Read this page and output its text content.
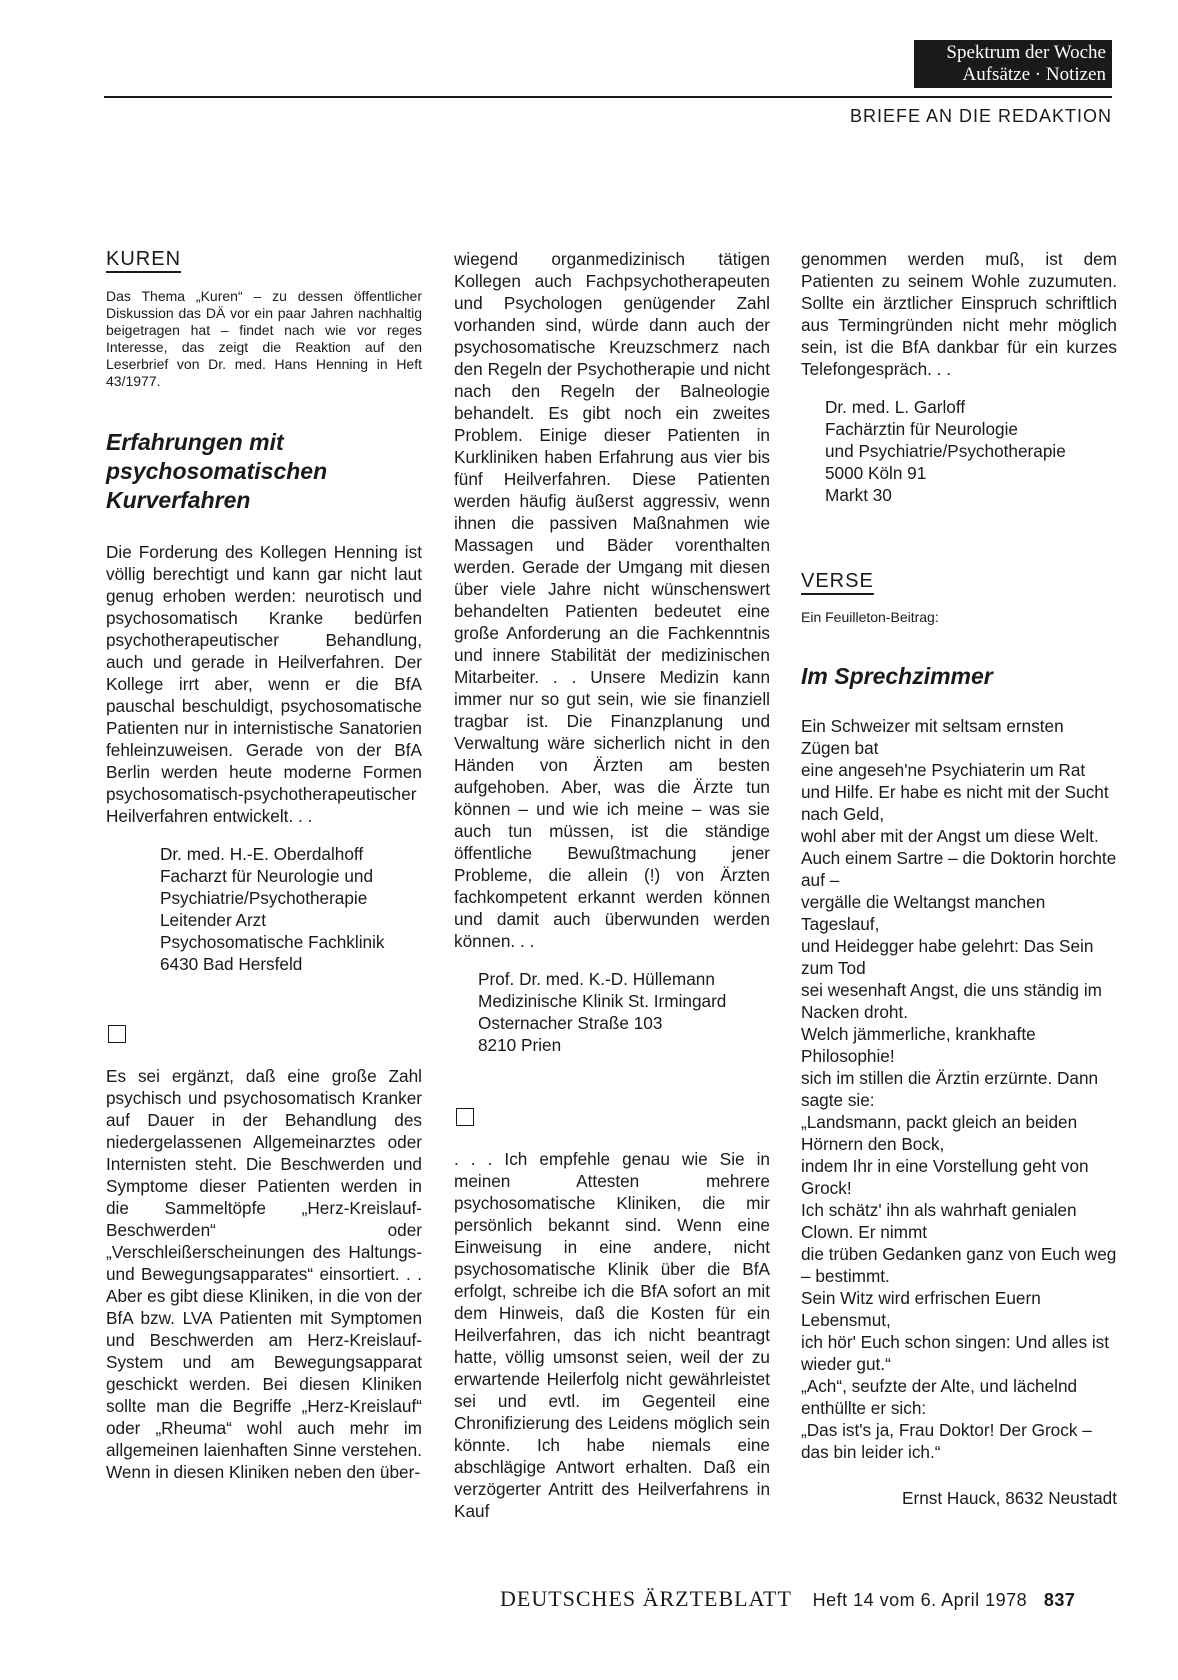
Spektrum der Woche
Aufsätze · Notizen
BRIEFE AN DIE REDAKTION
KUREN

Das Thema „Kuren“ – zu dessen öffentlicher Diskussion das DÄ vor ein paar Jahren nachhaltig beigetragen hat – findet nach wie vor reges Interesse, das zeigt die Reaktion auf den Leserbrief von Dr. med. Hans Henning in Heft 43/1977.

Erfahrungen mit psychosomatischen Kurverfahren

Die Forderung des Kollegen Henning ist völlig berechtigt und kann gar nicht laut genug erhoben werden: neurotisch und psychosomatisch Kranke bedürfen psychotherapeutischer Behandlung, auch und gerade in Heilverfahren. Der Kollege irrt aber, wenn er die BfA pauschal beschuldigt, psychosomatische Patienten nur in internistische Sanatorien fehleinzuweisen. Gerade von der BfA Berlin werden heute moderne Formen psychosomatisch-psychotherapeutischer Heilverfahren entwickelt. . .

Dr. med. H.-E. Oberdalhoff
Facharzt für Neurologie und
Psychiatrie/Psychotherapie
Leitender Arzt
Psychosomatische Fachklinik
6430 Bad Hersfeld

Es sei ergänzt, daß eine große Zahl psychisch und psychosomatisch Kranker auf Dauer in der Behandlung des niedergelassenen Allgemeinarztes oder Internisten steht. Die Beschwerden und Symptome dieser Patienten werden in die Sammeltöpfe „Herz-Kreislauf-Beschwerden“ oder „Verschleißerscheinungen des Haltungs- und Bewegungsapparates“ einsortiert. . . Aber es gibt diese Kliniken, in die von der BfA bzw. LVA Patienten mit Symptomen und Beschwerden am Herz-Kreislauf-System und am Bewegungsapparat geschickt werden. Bei diesen Kliniken sollte man die Begriffe „Herz-Kreislauf“ oder „Rheuma“ wohl auch mehr im allgemeinen laienhaften Sinne verstehen. Wenn in diesen Kliniken neben den über-

wiegend organmedizinisch tätigen Kollegen auch Fachpsychotherapeuten und Psychologen genügender Zahl vorhanden sind, würde dann auch der psychosomatische Kreuzschmerz nach den Regeln der Psychotherapie und nicht nach den Regeln der Balneologie behandelt. Es gibt noch ein zweites Problem. Einige dieser Patienten in Kurkliniken haben Erfahrung aus vier bis fünf Heilverfahren. Diese Patienten werden häufig äußerst aggressiv, wenn ihnen die passiven Maßnahmen wie Massagen und Bäder vorenthalten werden. Gerade der Umgang mit diesen über viele Jahre nicht wünschenswert behandelten Patienten bedeutet eine große Anforderung an die Fachkenntnis und innere Stabilität der medizinischen Mitarbeiter. . . Unsere Medizin kann immer nur so gut sein, wie sie finanziell tragbar ist. Die Finanzplanung und Verwaltung wäre sicherlich nicht in den Händen von Ärzten am besten aufgehoben. Aber, was die Ärzte tun können – und wie ich meine – was sie auch tun müssen, ist die ständige öffentliche Bewußtmachung jener Probleme, die allein (!) von Ärzten fachkompetent erkannt werden können und damit auch überwunden werden können. . .

Prof. Dr. med. K.-D. Hüllemann
Medizinische Klinik St. Irmingard
Osternacher Straße 103
8210 Prien

. . . Ich empfehle genau wie Sie in meinen Attesten mehrere psychosomatische Kliniken, die mir persönlich bekannt sind. Wenn eine Einweisung in eine andere, nicht psychosomatische Klinik über die BfA erfolgt, schreibe ich die BfA sofort an mit dem Hinweis, daß die Kosten für ein Heilverfahren, das ich nicht beantragt hatte, völlig umsonst seien, weil der zu erwartende Heilerfolg nicht gewährleistet sei und evtl. im Gegenteil eine Chronifizierung des Leidens möglich sein könnte. Ich habe niemals eine abschlägige Antwort erhalten. Daß ein verzögerter Antritt des Heilverfahrens in Kauf

genommen werden muß, ist dem Patienten zu seinem Wohle zuzumuten. Sollte ein ärztlicher Einspruch schriftlich aus Termingründen nicht mehr möglich sein, ist die BfA dankbar für ein kurzes Telefongespräch. . .

Dr. med. L. Garloff
Fachärztin für Neurologie
und Psychiatrie/Psychotherapie
5000 Köln 91
Markt 30
VERSE

Ein Feuilleton-Beitrag:

Im Sprechzimmer
Ein Schweizer mit seltsam ernsten Zügen bat
eine angeseh'ne Psychiaterin um Rat
und Hilfe. Er habe es nicht mit der Sucht nach Geld,
wohl aber mit der Angst um diese Welt.
Auch einem Sartre – die Doktorin horchte auf –
vergälle die Weltangst manchen Tageslauf,
und Heidegger habe gelehrt: Das Sein zum Tod
sei wesenhaft Angst, die uns ständig im Nacken droht.
Welch jämmerliche, krankhafte Philosophie!
sich im stillen die Ärztin erzürnte. Dann sagte sie:
„Landsmann, packt gleich an beiden Hörnern den Bock,
indem Ihr in eine Vorstellung geht von Grock!
Ich schätz' ihn als wahrhaft genialen Clown. Er nimmt
die trüben Gedanken ganz von Euch weg – bestimmt.
Sein Witz wird erfrischen Euern Lebensmut,
ich hör' Euch schon singen: Und alles ist wieder gut.“
„Ach“, seufzte der Alte, und lächelnd enthüllte er sich:
„Das ist's ja, Frau Doktor! Der Grock – das bin leider ich.“
Ernst Hauck, 8632 Neustadt
DEUTSCHES ÄRZTEBLATT Heft 14 vom 6. April 1978 837
